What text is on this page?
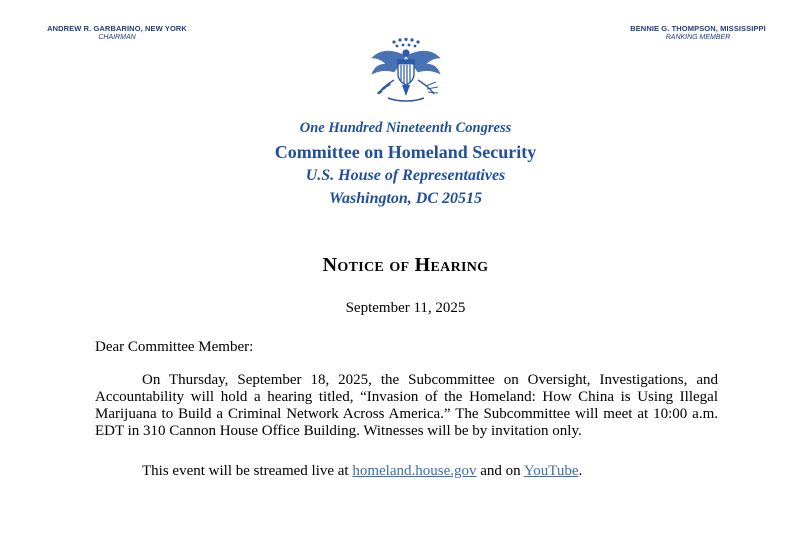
ANDREW R. GARBARINO, NEW YORK
CHAIRMAN
BENNIE G. THOMPSON, MISSISSIPPI
RANKING MEMBER
One Hundred Nineteenth Congress
Committee on Homeland Security
U.S. House of Representatives
Washington, DC 20515
Notice of Hearing
September 11, 2025
Dear Committee Member:
On Thursday, September 18, 2025, the Subcommittee on Oversight, Investigations, and Accountability will hold a hearing titled, “Invasion of the Homeland: How China is Using Illegal Marijuana to Build a Criminal Network Across America.” The Subcommittee will meet at 10:00 a.m. EDT in 310 Cannon House Office Building. Witnesses will be by invitation only.
This event will be streamed live at homeland.house.gov and on YouTube.
